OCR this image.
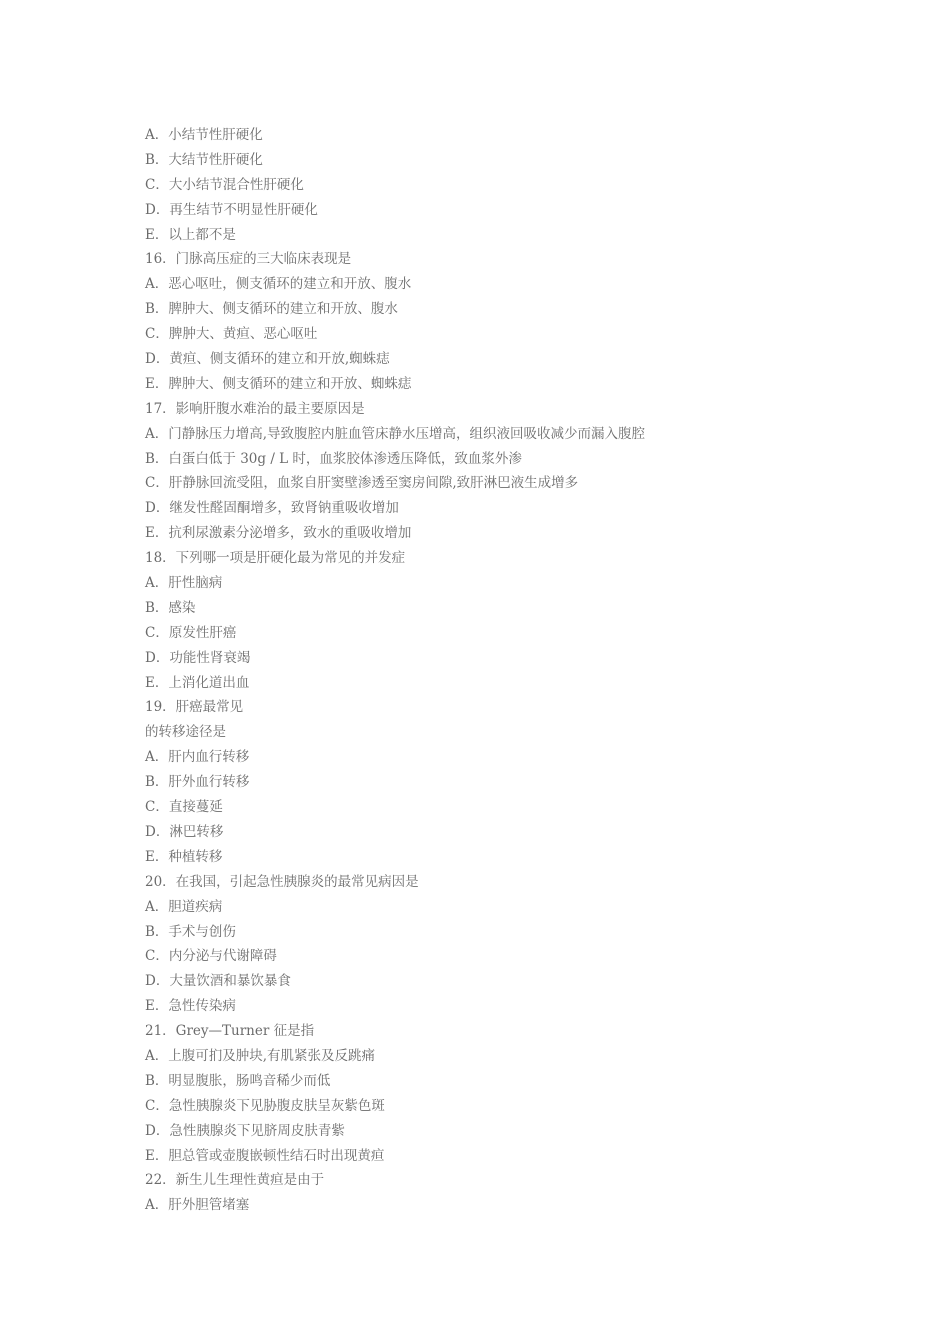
A．小结节性肝硬化
B．大结节性肝硬化
C．大小结节混合性肝硬化
D．再生结节不明显性肝硬化
E．以上都不是
16．门脉高压症的三大临床表现是
A．恶心呕吐，侧支循环的建立和开放、腹水
B．脾肿大、侧支循环的建立和开放、腹水
C．脾肿大、黄疸、恶心呕吐
D．黄疸、侧支循环的建立和开放,蜘蛛痣
E．脾肿大、侧支循环的建立和开放、蜘蛛痣
17．影响肝腹水难治的最主要原因是
A．门静脉压力增高,导致腹腔内脏血管床静水压增高，组织液回吸收减少而漏入腹腔
B．白蛋白低于 30g / L 时，血浆胶体渗透压降低，致血浆外渗
C．肝静脉回流受阻，血浆自肝窦壁渗透至窦房间隙,致肝淋巴液生成增多
D．继发性醛固酮增多，致肾钠重吸收增加
E．抗利尿激素分泌增多，致水的重吸收增加
18．下列哪一项是肝硬化最为常见的并发症
A．肝性脑病
B．感染
C．原发性肝癌
D．功能性肾衰竭
E．上消化道出血
19．肝癌最常见
的转移途径是
A．肝内血行转移
B．肝外血行转移
C．直接蔓延
D．淋巴转移
E．种植转移
20．在我国，引起急性胰腺炎的最常见病因是
A．胆道疾病
B．手术与创伤
C．内分泌与代谢障碍
D．大量饮酒和暴饮暴食
E．急性传染病
21．Grey—Turner 征是指
A．上腹可扪及肿块,有肌紧张及反跳痛
B．明显腹胀，肠鸣音稀少而低
C．急性胰腺炎下见胁腹皮肤呈灰紫色斑
D．急性胰腺炎下见脐周皮肤青紫
E．胆总管或壶腹嵌顿性结石时出现黄疸
22．新生儿生理性黄疸是由于
A．肝外胆管堵塞
